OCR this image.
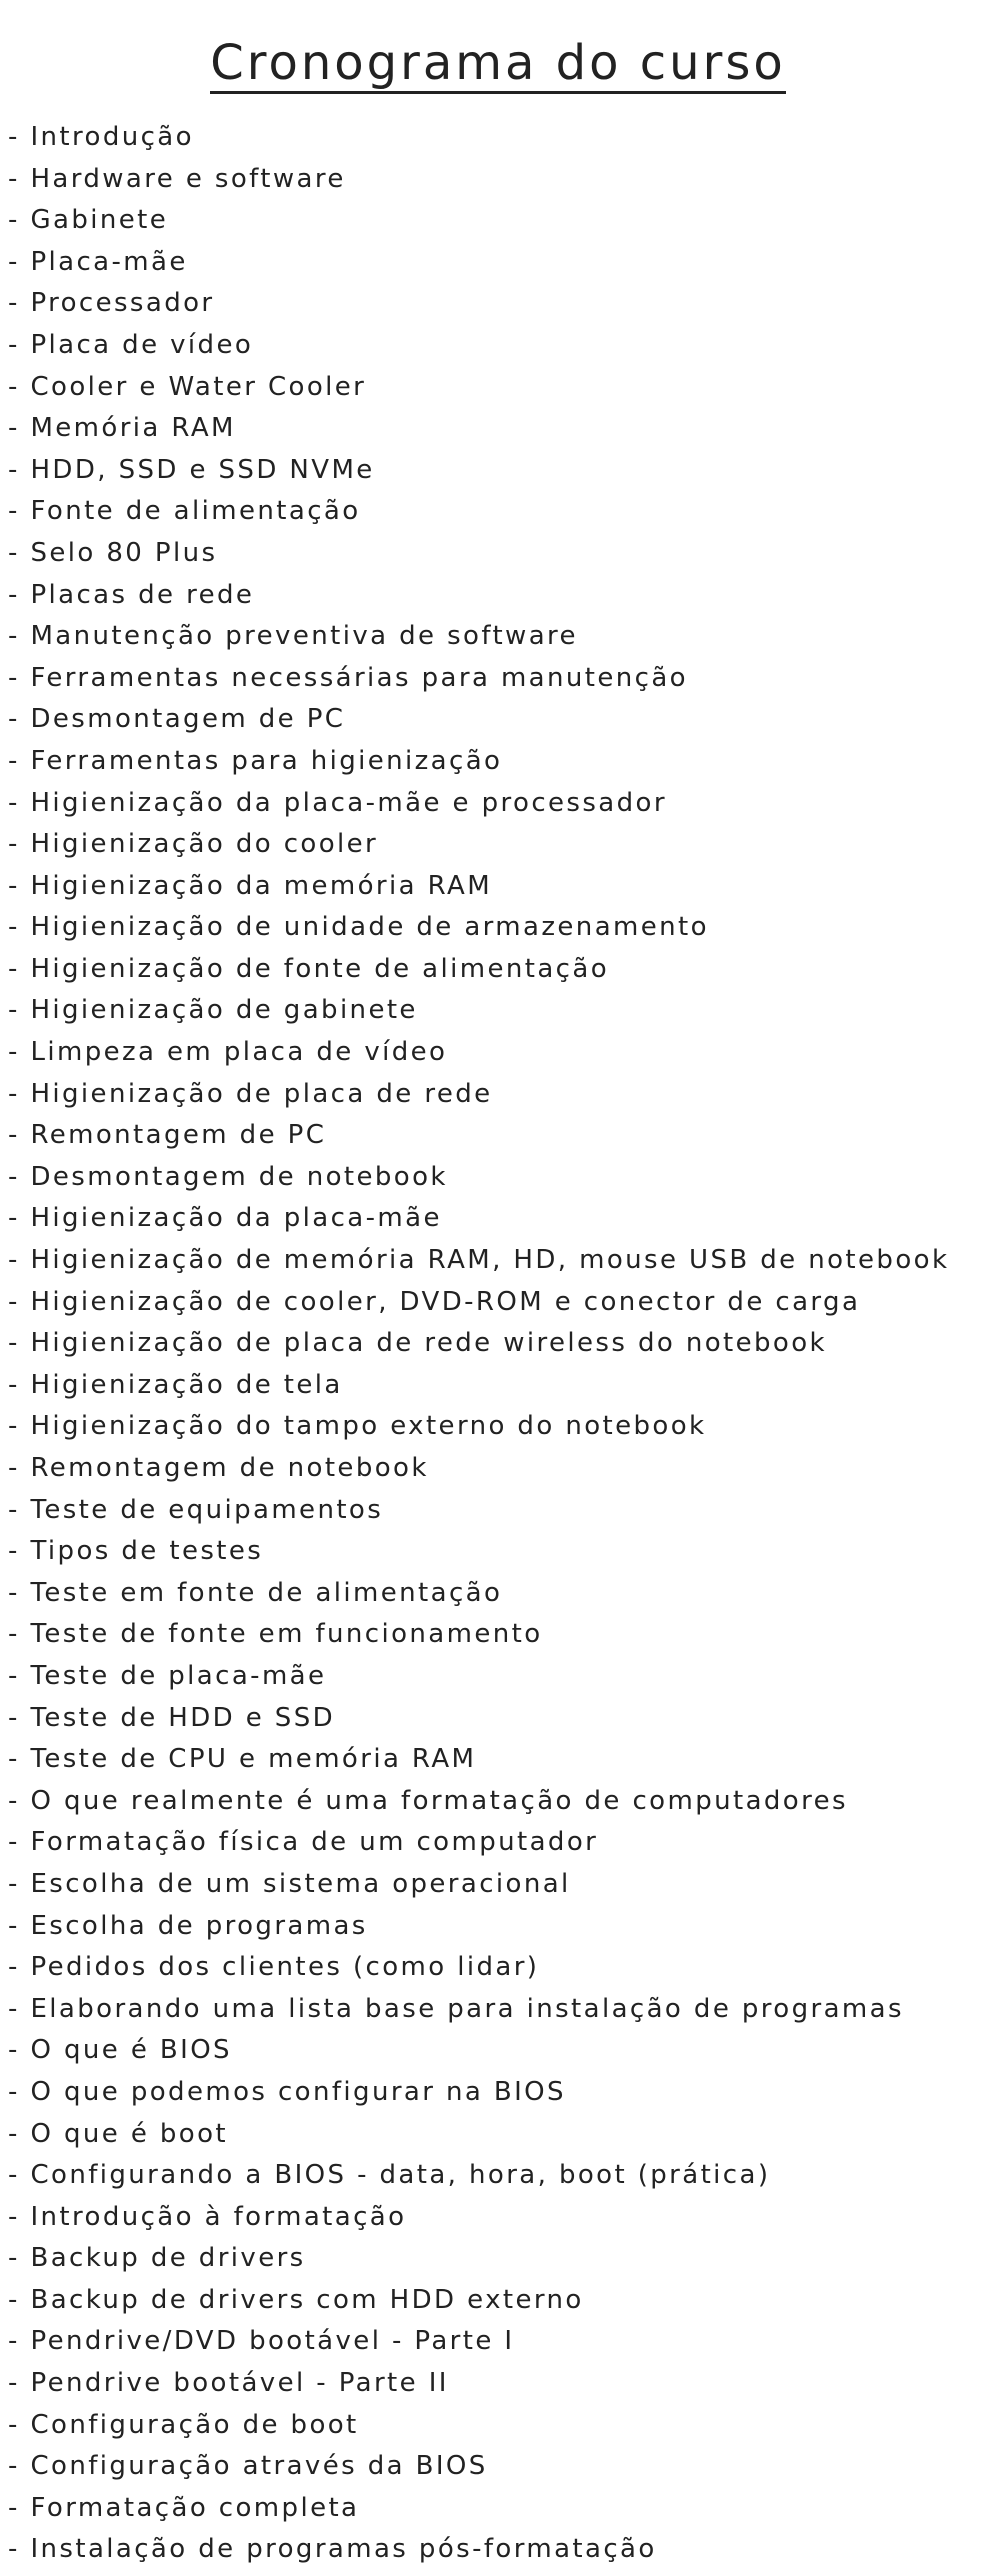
Cronograma do curso
- Introdução
- Hardware e software
- Gabinete
- Placa-mãe
- Processador
- Placa de vídeo
- Cooler e Water Cooler
- Memória RAM
- HDD, SSD e SSD NVMe
- Fonte de alimentação
- Selo 80 Plus
- Placas de rede
- Manutenção preventiva de software
- Ferramentas necessárias para manutenção
- Desmontagem de PC
- Ferramentas para higienização
- Higienização da placa-mãe e processador
- Higienização do cooler
- Higienização da memória RAM
- Higienização de unidade de armazenamento
- Higienização de fonte de alimentação
- Higienização de gabinete
- Limpeza em placa de vídeo
- Higienização de placa de rede
- Remontagem de PC
- Desmontagem de notebook
- Higienização da placa-mãe
- Higienização de memória RAM, HD, mouse USB de notebook
- Higienização de cooler, DVD-ROM e conector de carga
- Higienização de placa de rede wireless do notebook
- Higienização de tela
- Higienização do tampo externo do notebook
- Remontagem de notebook
- Teste de equipamentos
- Tipos de testes
- Teste em fonte de alimentação
- Teste de fonte em funcionamento
- Teste de placa-mãe
- Teste de HDD e SSD
- Teste de CPU e memória RAM
- O que realmente é uma formatação de computadores
- Formatação física de um computador
- Escolha de um sistema operacional
- Escolha de programas
- Pedidos dos clientes (como lidar)
- Elaborando uma lista base para instalação de programas
- O que é BIOS
- O que podemos configurar na BIOS
- O que é boot
- Configurando a BIOS - data, hora, boot (prática)
- Introdução à formatação
- Backup de drivers
- Backup de drivers com HDD externo
- Pendrive/DVD bootável - Parte I
- Pendrive bootável - Parte II
- Configuração de boot
- Configuração através da BIOS
- Formatação completa
- Instalação de programas pós-formatação
